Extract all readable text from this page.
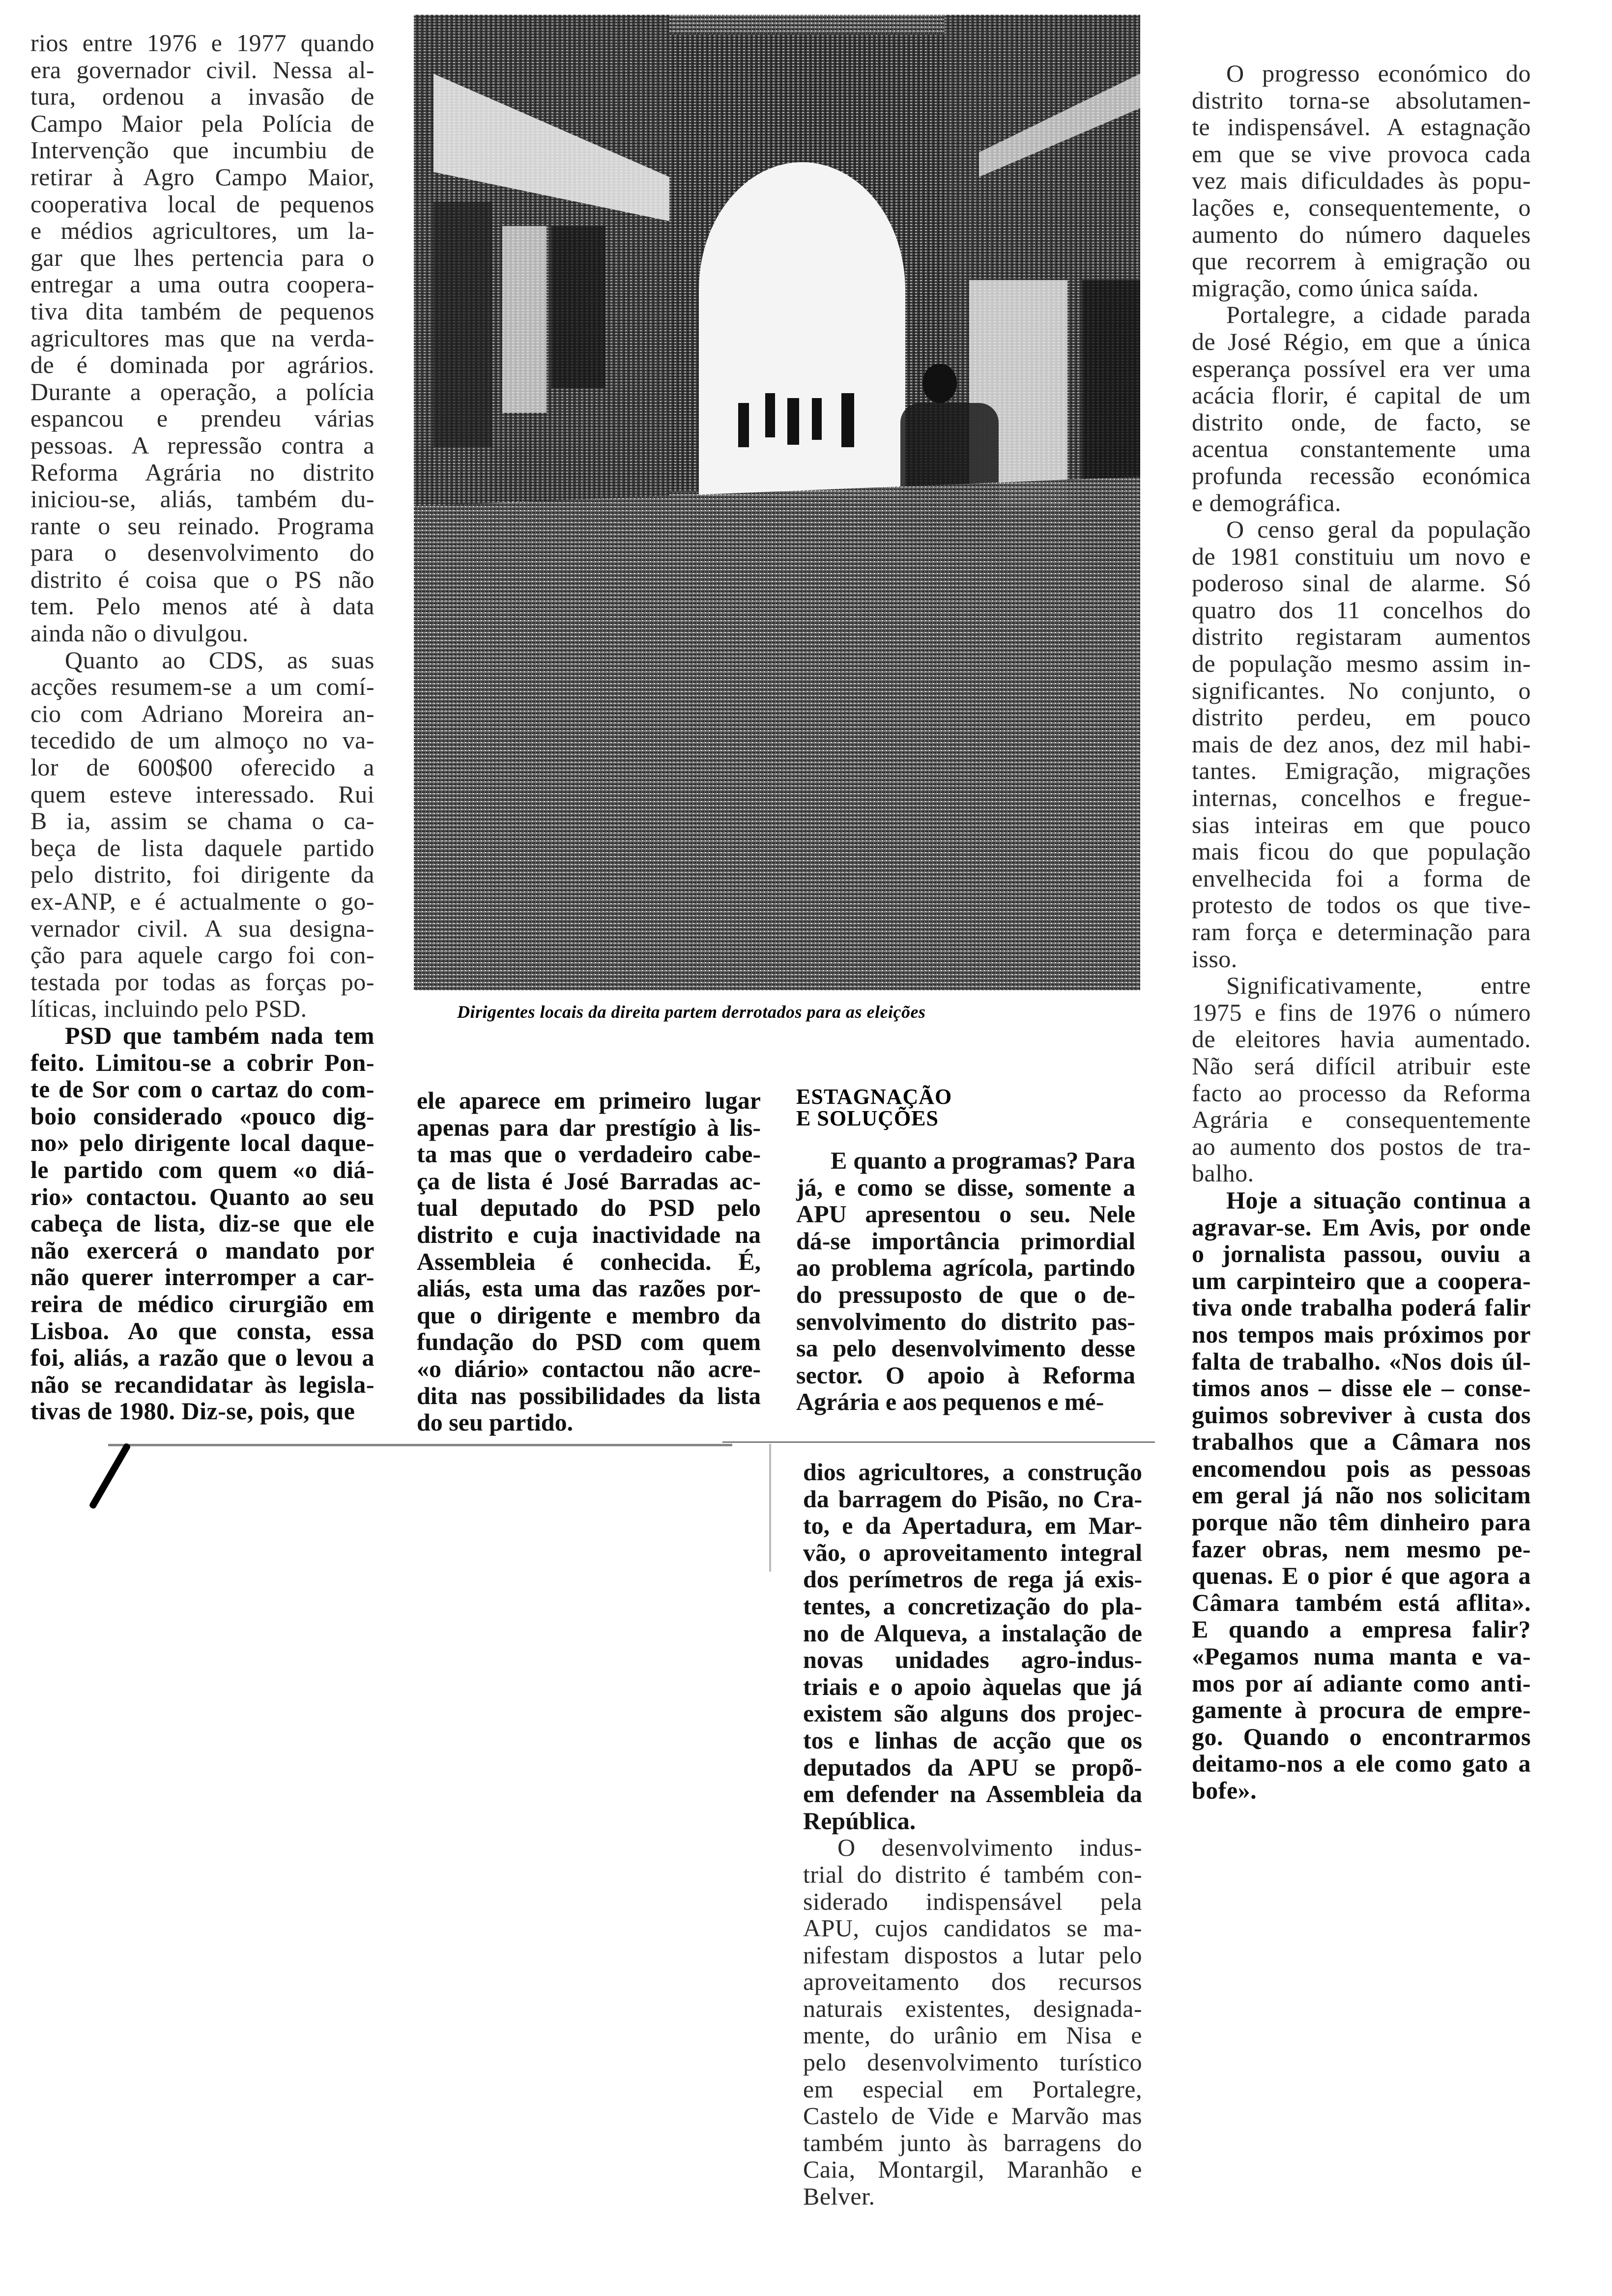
rios entre 1976 e 1977 quando
era governador civil. Nessa al-
tura, ordenou a invasão de
Campo Maior pela Polícia de
Intervenção que incumbiu de
retirar à Agro Campo Maior,
cooperativa local de pequenos
e médios agricultores, um la-
gar que lhes pertencia para o
entregar a uma outra coopera-
tiva dita também de pequenos
agricultores mas que na verda-
de é dominada por agrários.
Durante a operação, a polícia
espancou e prendeu várias
pessoas. A repressão contra a
Reforma Agrária no distrito
iniciou-se, aliás, também du-
rante o seu reinado. Programa
para o desenvolvimento do
distrito é coisa que o PS não
tem. Pelo menos até à data
ainda não o divulgou.
Quanto ao CDS, as suas
acções resumem-se a um comí-
cio com Adriano Moreira an-
tecedido de um almoço no va-
lor de 600$00 oferecido a
quem esteve interessado. Rui
B ia, assim se chama o ca-
beça de lista daquele partido
pelo distrito, foi dirigente da
ex-ANP, e é actualmente o go-
vernador civil. A sua designa-
ção para aquele cargo foi con-
testada por todas as forças po-
líticas, incluindo pelo PSD.
PSD que também nada tem
feito. Limitou-se a cobrir Pon-
te de Sor com o cartaz do com-
boio considerado «pouco dig-
no» pelo dirigente local daque-
le partido com quem «o diá-
rio» contactou. Quanto ao seu
cabeça de lista, diz-se que ele
não exercerá o mandato por
não querer interromper a car-
reira de médico cirurgião em
Lisboa. Ao que consta, essa
foi, aliás, a razão que o levou a
não se recandidatar às legisla-
tivas de 1980. Diz-se, pois, que
Dirigentes locais da direita partem derrotados para as eleições
ele aparece em primeiro lugar
apenas para dar prestígio à lis-
ta mas que o verdadeiro cabe-
ça de lista é José Barradas ac-
tual deputado do PSD pelo
distrito e cuja inactividade na
Assembleia é conhecida. É,
aliás, esta uma das razões por-
que o dirigente e membro da
fundação do PSD com quem
«o diário» contactou não acre-
dita nas possibilidades da lista
do seu partido.
ESTAGNAÇÃO
E SOLUÇÕES
E quanto a programas? Para
já, e como se disse, somente a
APU apresentou o seu. Nele
dá-se importância primordial
ao problema agrícola, partindo
do pressuposto de que o de-
senvolvimento do distrito pas-
sa pelo desenvolvimento desse
sector. O apoio à Reforma
Agrária e aos pequenos e mé-
dios agricultores, a construção
da barragem do Pisão, no Cra-
to, e da Apertadura, em Mar-
vão, o aproveitamento integral
dos perímetros de rega já exis-
tentes, a concretização do pla-
no de Alqueva, a instalação de
novas unidades agro-indus-
triais e o apoio àquelas que já
existem são alguns dos projec-
tos e linhas de acção que os
deputados da APU se propõ-
em defender na Assembleia da
República.
O desenvolvimento indus-
trial do distrito é também con-
siderado indispensável pela
APU, cujos candidatos se ma-
nifestam dispostos a lutar pelo
aproveitamento dos recursos
naturais existentes, designada-
mente, do urânio em Nisa e
pelo desenvolvimento turístico
em especial em Portalegre,
Castelo de Vide e Marvão mas
também junto às barragens do
Caia, Montargil, Maranhão e
Belver.
O progresso económico do
distrito torna-se absolutamen-
te indispensável. A estagnação
em que se vive provoca cada
vez mais dificuldades às popu-
lações e, consequentemente, o
aumento do número daqueles
que recorrem à emigração ou
migração, como única saída.
Portalegre, a cidade parada
de José Régio, em que a única
esperança possível era ver uma
acácia florir, é capital de um
distrito onde, de facto, se
acentua constantemente uma
profunda recessão económica
e demográfica.
O censo geral da população
de 1981 constituiu um novo e
poderoso sinal de alarme. Só
quatro dos 11 concelhos do
distrito registaram aumentos
de população mesmo assim in-
significantes. No conjunto, o
distrito perdeu, em pouco
mais de dez anos, dez mil habi-
tantes. Emigração, migrações
internas, concelhos e fregue-
sias inteiras em que pouco
mais ficou do que população
envelhecida foi a forma de
protesto de todos os que tive-
ram força e determinação para
isso.
Significativamente, entre
1975 e fins de 1976 o número
de eleitores havia aumentado.
Não será difícil atribuir este
facto ao processo da Reforma
Agrária e consequentemente
ao aumento dos postos de tra-
balho.
Hoje a situação continua a
agravar-se. Em Avis, por onde
o jornalista passou, ouviu a
um carpinteiro que a coopera-
tiva onde trabalha poderá falir
nos tempos mais próximos por
falta de trabalho. «Nos dois úl-
timos anos – disse ele – conse-
guimos sobreviver à custa dos
trabalhos que a Câmara nos
encomendou pois as pessoas
em geral já não nos solicitam
porque não têm dinheiro para
fazer obras, nem mesmo pe-
quenas. E o pior é que agora a
Câmara também está aflita».
E quando a empresa falir?
«Pegamos numa manta e va-
mos por aí adiante como anti-
gamente à procura de empre-
go. Quando o encontrarmos
deitamo-nos a ele como gato a
bofe».
